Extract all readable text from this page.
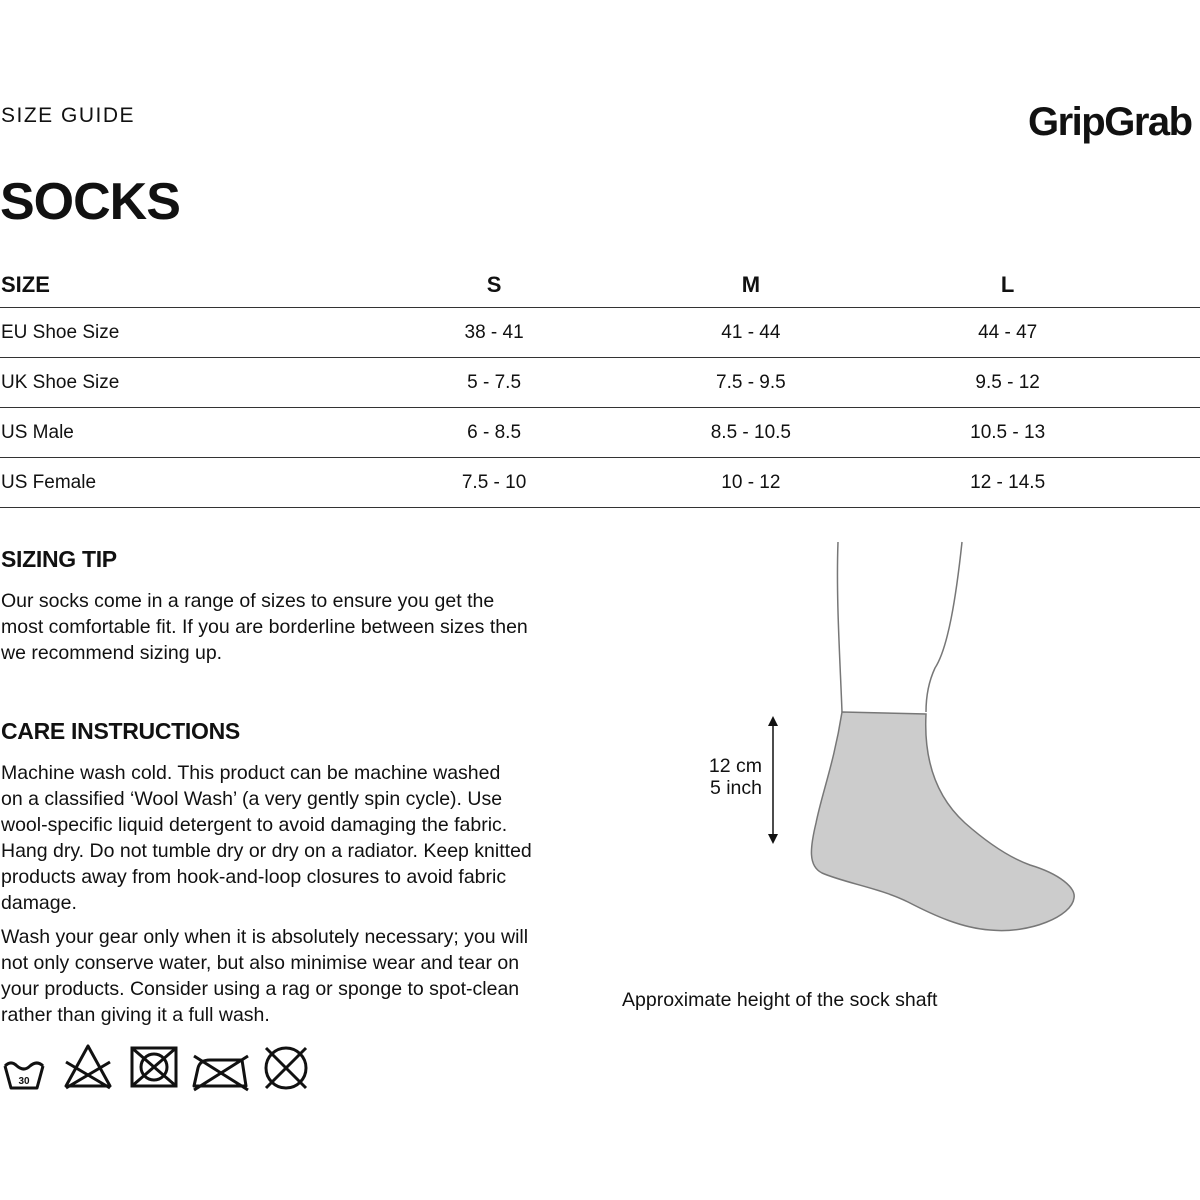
SIZE GUIDE	GripGrab
SOCKS
SIZE	S	M	L	
EU Shoe Size	38 - 41	41 - 44	44 - 47	
UK Shoe Size	5 - 7.5	7.5 - 9.5	9.5 - 12	
US Male	6 - 8.5	8.5 - 10.5	10.5 - 13	
US Female	7.5 - 10	10 - 12	12 - 14.5	
SIZING TIP
Our socks come in a range of sizes to ensure you get the
most comfortable fit. If you are borderline between sizes then
we recommend sizing up.
CARE INSTRUCTIONS
Machine wash cold. This product can be machine washed
on a classified ‘Wool Wash’ (a very gently spin cycle). Use
wool-specific liquid detergent to avoid damaging the fabric.
Hang dry. Do not tumble dry or dry on a radiator. Keep knitted
products away from hook-and-loop closures to avoid fabric
damage.
Wash your gear only when it is absolutely necessary; you will
not only conserve water, but also minimise wear and tear on
your products. Consider using a rag or sponge to spot-clean
rather than giving it a full wash.
30
12 cm
5 inch
Approximate height of the sock shaft
